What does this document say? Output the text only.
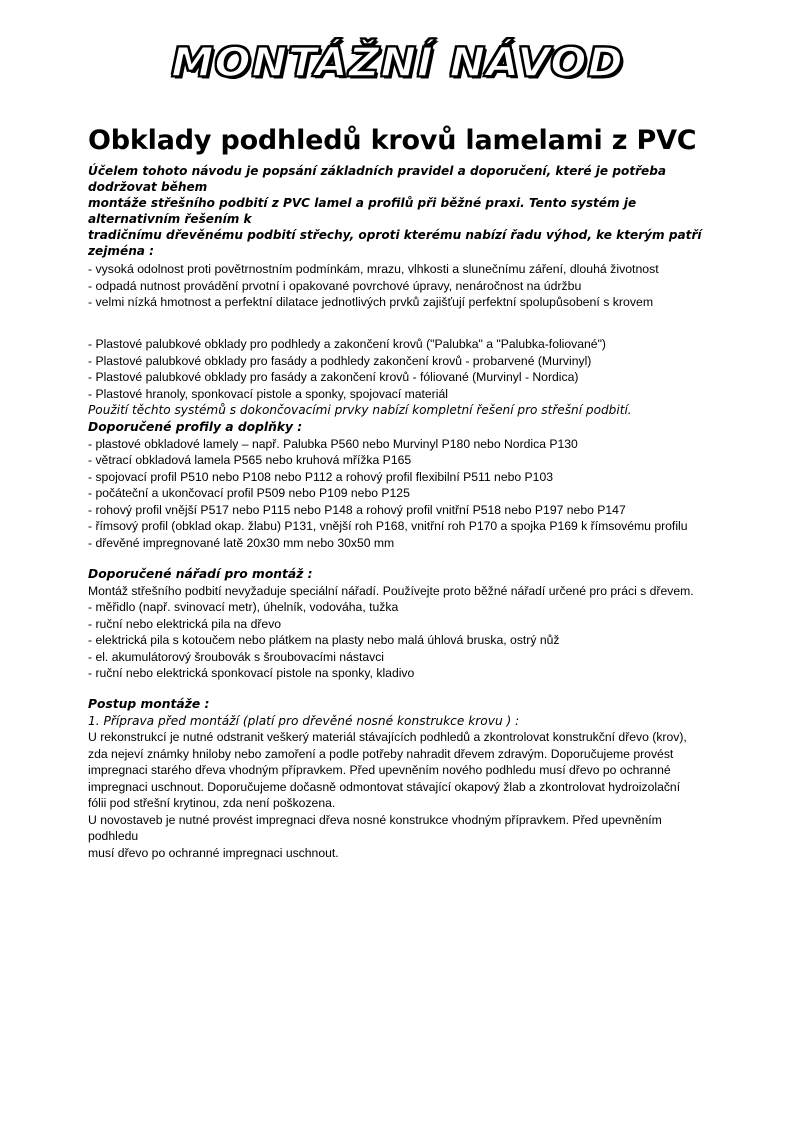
MONTÁŽNÍ NÁVOD
Obklady podhledů krovů lamelami z PVC

Účelem tohoto návodu je popsání základních pravidel a doporučení, které je potřeba dodržovat během
montáže střešního podbití z PVC lamel a profilů při běžné praxi. Tento systém je alternativním řešením k
tradičnímu dřevěnému podbití střechy, oproti kterému nabízí řadu výhod, ke kterým patří zejména :

- vysoká odolnost proti povětrnostním podmínkám, mrazu, vlhkosti a slunečnímu záření, dlouhá životnost
- odpadá nutnost provádění prvotní i opakované povrchové úpravy, nenáročnost na údržbu
- velmi nízká hmotnost a perfektní dilatace jednotlivých prvků zajišťují perfektní spolupůsobení s krovem

- Plastové palubkové obklady pro podhledy a zakončení krovů ("Palubka" a "Palubka-foliované")
- Plastové palubkové obklady pro fasády a podhledy zakončení krovů - probarvené (Murvinyl)
- Plastové palubkové obklady pro fasády a zakončení krovů - fóliované (Murvinyl - Nordica)
- Plastové hranoly, sponkovací pistole a sponky, spojovací materiál

Použití těchto systémů s dokončovacími prvky nabízí kompletní řešení pro střešní podbití.

Doporučené profily a doplňky :

- plastové obkladové lamely – např. Palubka P560 nebo Murvinyl P180 nebo Nordica P130
- větrací obkladová lamela P565 nebo kruhová mřížka P165
- spojovací profil P510 nebo P108 nebo P112 a rohový profil flexibilní P511 nebo P103
- počáteční a ukončovací profil P509 nebo P109 nebo P125
- rohový profil vnější P517 nebo P115 nebo P148 a rohový profil vnitřní P518 nebo P197 nebo P147
- římsový profil (obklad okap. žlabu) P131, vnější roh P168, vnitřní roh P170 a spojka P169 k římsovému profilu
- dřevěné impregnované latě 20x30 mm nebo 30x50 mm

Doporučené nářadí pro montáž :

Montáž střešního podbití nevyžaduje speciální nářadí. Používejte proto běžné nářadí určené pro práci s dřevem.

- měřidlo (např. svinovací metr), úhelník, vodováha, tužka
- ruční nebo elektrická pila na dřevo
- elektrická pila s kotoučem nebo plátkem na plasty nebo malá úhlová bruska, ostrý nůž
- el. akumulátorový šroubovák s šroubovacími nástavci
- ruční nebo elektrická sponkovací pistole na sponky, kladivo

Postup montáže :

1. Příprava před montáží (platí pro dřevěné nosné konstrukce krovu ) :

U rekonstrukcí je nutné odstranit veškerý materiál stávajících podhledů a zkontrolovat konstrukční dřevo (krov),
zda nejeví známky hniloby nebo zamoření a podle potřeby nahradit dřevem zdravým. Doporučujeme provést
impregnaci starého dřeva vhodným přípravkem. Před upevněním nového podhledu musí dřevo po ochranné
impregnaci uschnout. Doporučujeme dočasně odmontovat stávající okapový žlab a zkontrolovat hydroizolační
fólii pod střešní krytinou, zda není poškozena.
U novostaveb je nutné provést impregnaci dřeva nosné konstrukce vhodným přípravkem. Před upevněním podhledu
musí dřevo po ochranné impregnaci uschnout.
